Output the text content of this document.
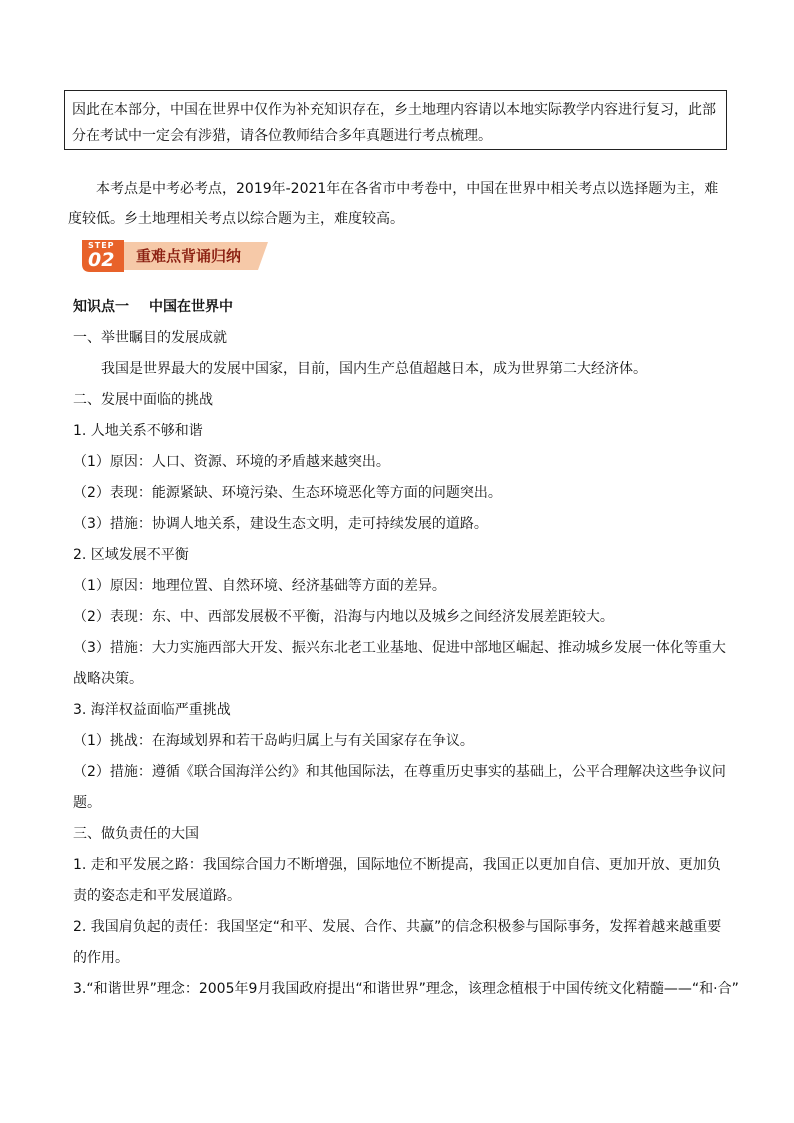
因此在本部分，中国在世界中仅作为补充知识存在，乡土地理内容请以本地实际教学内容进行复习，此部分在考试中一定会有涉猎，请各位教师结合多年真题进行考点梳理。
本考点是中考必考点，2019年-2021年在各省市中考卷中，中国在世界中相关考点以选择题为主，难度较低。乡土地理相关考点以综合题为主，难度较高。
STEP
02 重难点背诵归纳
知识点一 中国在世界中
一、举世瞩目的发展成就
我国是世界最大的发展中国家，目前，国内生产总值超越日本，成为世界第二大经济体。
二、发展中面临的挑战
1. 人地关系不够和谐
（1）原因：人口、资源、环境的矛盾越来越突出。
（2）表现：能源紧缺、环境污染、生态环境恶化等方面的问题突出。
（3）措施：协调人地关系，建设生态文明，走可持续发展的道路。
2. 区域发展不平衡
（1）原因：地理位置、自然环境、经济基础等方面的差异。
（2）表现：东、中、西部发展极不平衡，沿海与内地以及城乡之间经济发展差距较大。
（3）措施：大力实施西部大开发、振兴东北老工业基地、促进中部地区崛起、推动城乡发展一体化等重大战略决策。
3. 海洋权益面临严重挑战
（1）挑战：在海域划界和若干岛屿归属上与有关国家存在争议。
（2）措施：遵循《联合国海洋公约》和其他国际法，在尊重历史事实的基础上，公平合理解决这些争议问题。
三、做负责任的大国
1. 走和平发展之路：我国综合国力不断增强，国际地位不断提高，我国正以更加自信、更加开放、更加负责的姿态走和平发展道路。
2. 我国肩负起的责任：我国坚定“和平、发展、合作、共赢”的信念积极参与国际事务，发挥着越来越重要的作用。
3.“和谐世界”理念：2005年9月我国政府提出“和谐世界”理念，该理念植根于中国传统文化精髓——“和·合”
